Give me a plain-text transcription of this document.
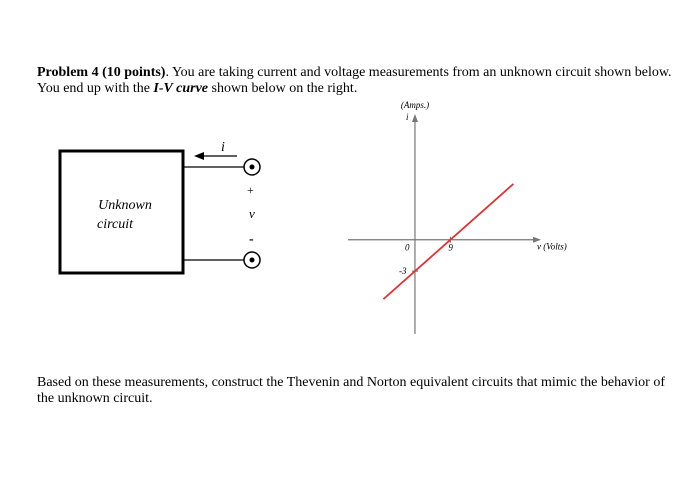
Problem 4 (10 points). You are taking current and voltage measurements from an unknown circuit shown below. You end up with the I-V curve shown below on the right.

Unknown
circuit
i
+
v
-
(Amps.)
i
v (Volts)
0	9
-3

Based on these measurements, construct the Thevenin and Norton equivalent circuits that mimic the behavior of the unknown circuit.
